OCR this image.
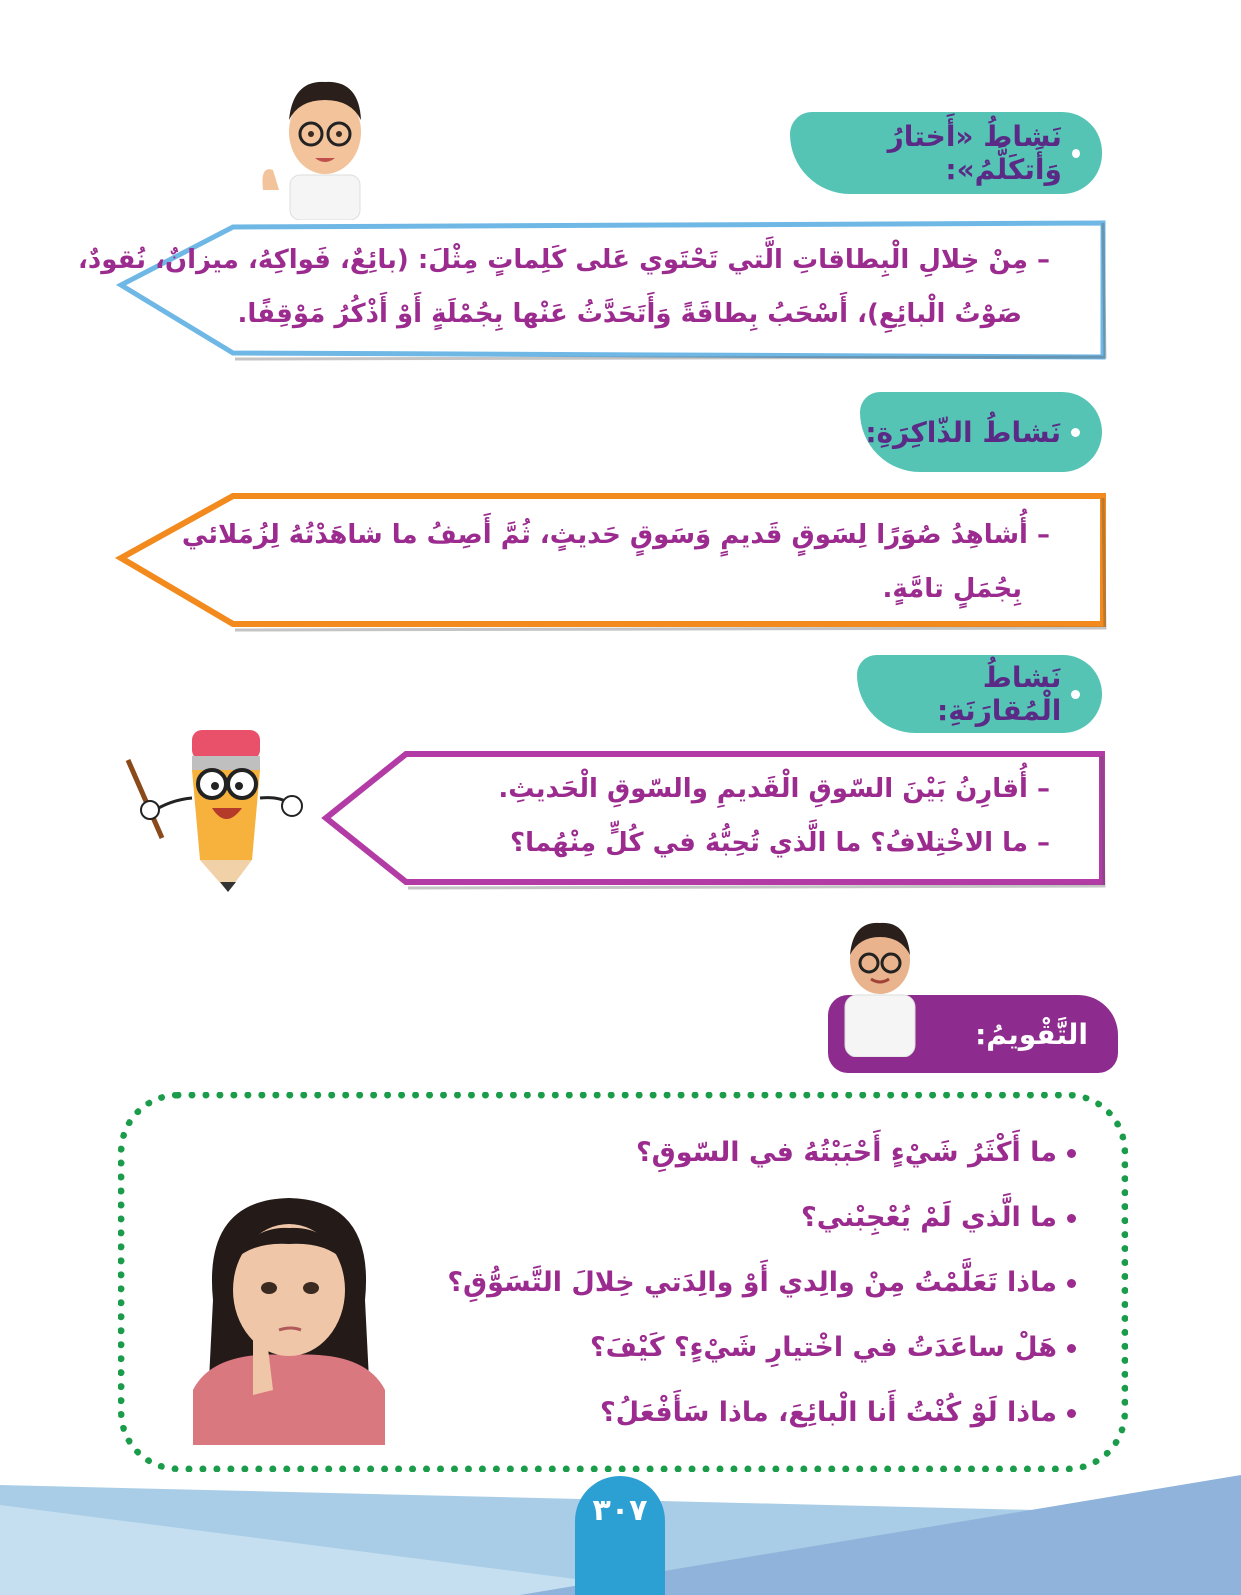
نَشاطُ «أَختارُ وَأَتكَلَّمُ»:
– مِنْ خِلالِ الْبِطاقاتِ الَّتي تَحْتَوي عَلى كَلِماتٍ مِثْلَ: (بائِعٌ، فَواكِهُ، ميزانٌ، نُقودٌ،
صَوْتُ الْبائِعِ)، أَسْحَبُ بِطاقَةً وَأَتَحَدَّثُ عَنْها بِجُمْلَةٍ أَوْ أَذْكُرُ مَوْقِفًا.
نَشاطُ الذّاكِرَةِ:
– أُشاهِدُ صُوَرًا لِسَوقٍ قَديمٍ وَسَوقٍ حَديثٍ، ثُمَّ أَصِفُ ما شاهَدْتُهُ لِزُمَلائي
بِجُمَلٍ تامَّةٍ.
نَشاطُ الْمُقارَنَةِ:
– أُقارِنُ بَيْنَ السّوقِ الْقَديمِ والسّوقِ الْحَديثِ.
– ما الاخْتِلافُ؟ ما الَّذي تُحِبُّهُ في كُلٍّ مِنْهُما؟
التَّقْويمُ:
ما أَكْثَرُ شَيْءٍ أَحْبَبْتُهُ في السّوقِ؟
ما الَّذي لَمْ يُعْجِبْني؟
ماذا تَعَلَّمْتُ مِنْ والِدي أَوْ والِدَتي خِلالَ التَّسَوُّقِ؟
هَلْ ساعَدَتُ في اخْتيارِ شَيْءٍ؟ كَيْفَ؟
ماذا لَوْ كُنْتُ أَنا الْبائِعَ، ماذا سَأَفْعَلُ؟
٣٠٧
